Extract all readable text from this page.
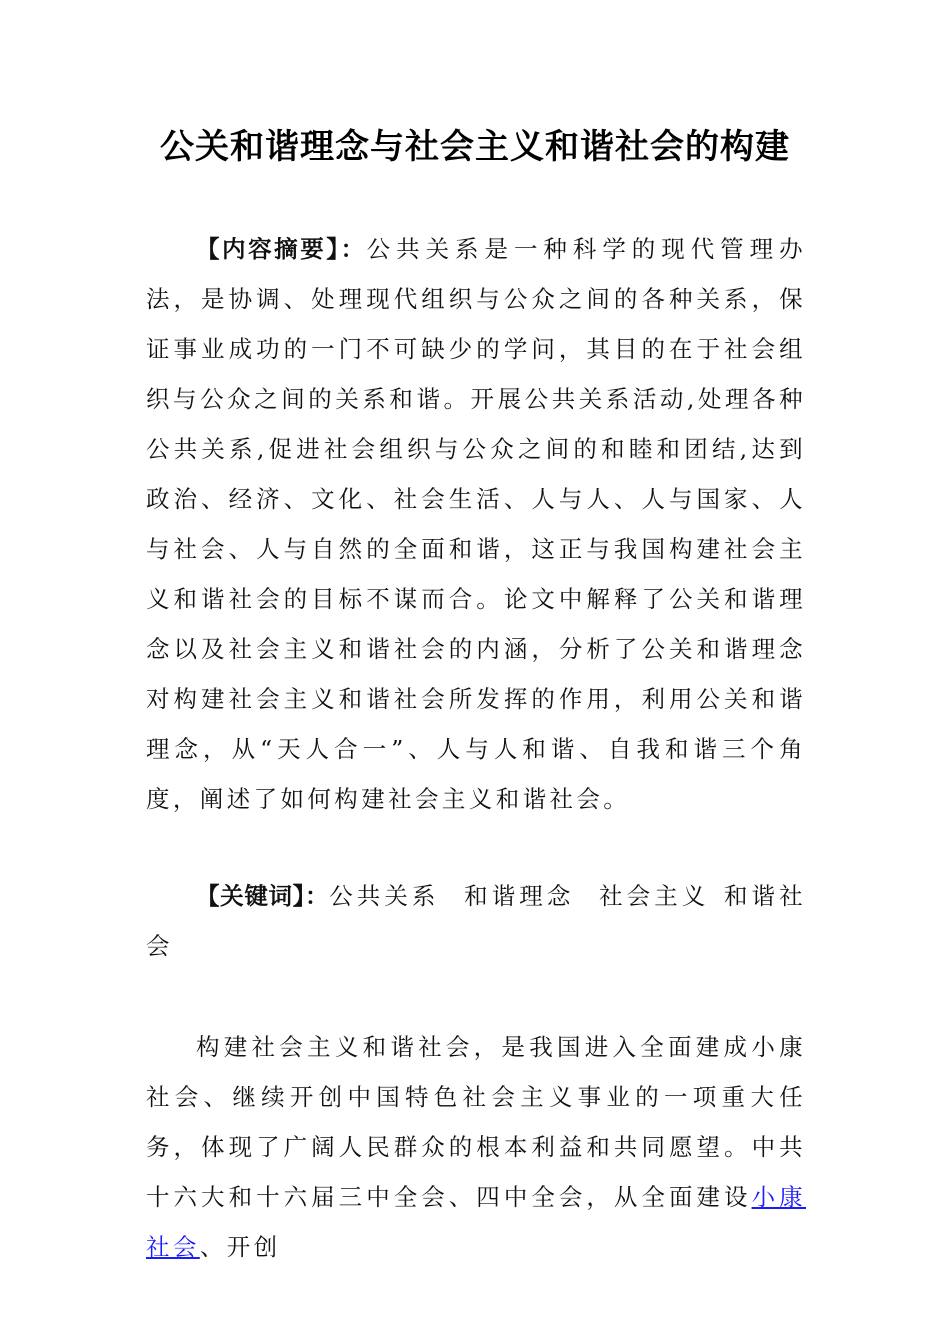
公关和谐理念与社会主义和谐社会的构建

【内容摘要】：公共关系是一种科学的现代管理办法，是协调、处理现代组织与公众之间的各种关系，保证事业成功的一门不可缺少的学问，其目的在于社会组织与公众之间的关系和谐。开展公共关系活动,处理各种公共关系,促进社会组织与公众之间的和睦和团结,达到政治、经济、文化、社会生活、人与人、人与国家、人与社会、人与自然的全面和谐，这正与我国构建社会主义和谐社会的目标不谋而合。论文中解释了公关和谐理念以及社会主义和谐社会的内涵，分析了公关和谐理念对构建社会主义和谐社会所发挥的作用，利用公关和谐理念，从“天人合一”、人与人和谐、自我和谐三个角度，阐述了如何构建社会主义和谐社会。

【关键词】：公共关系 和谐理念 社会主义 和谐社会

构建社会主义和谐社会，是我国进入全面建成小康社会、继续开创中国特色社会主义事业的一项重大任务，体现了广阔人民群众的根本利益和共同愿望。中共十六大和十六届三中全会、四中全会，从全面建设小康社会、开创
